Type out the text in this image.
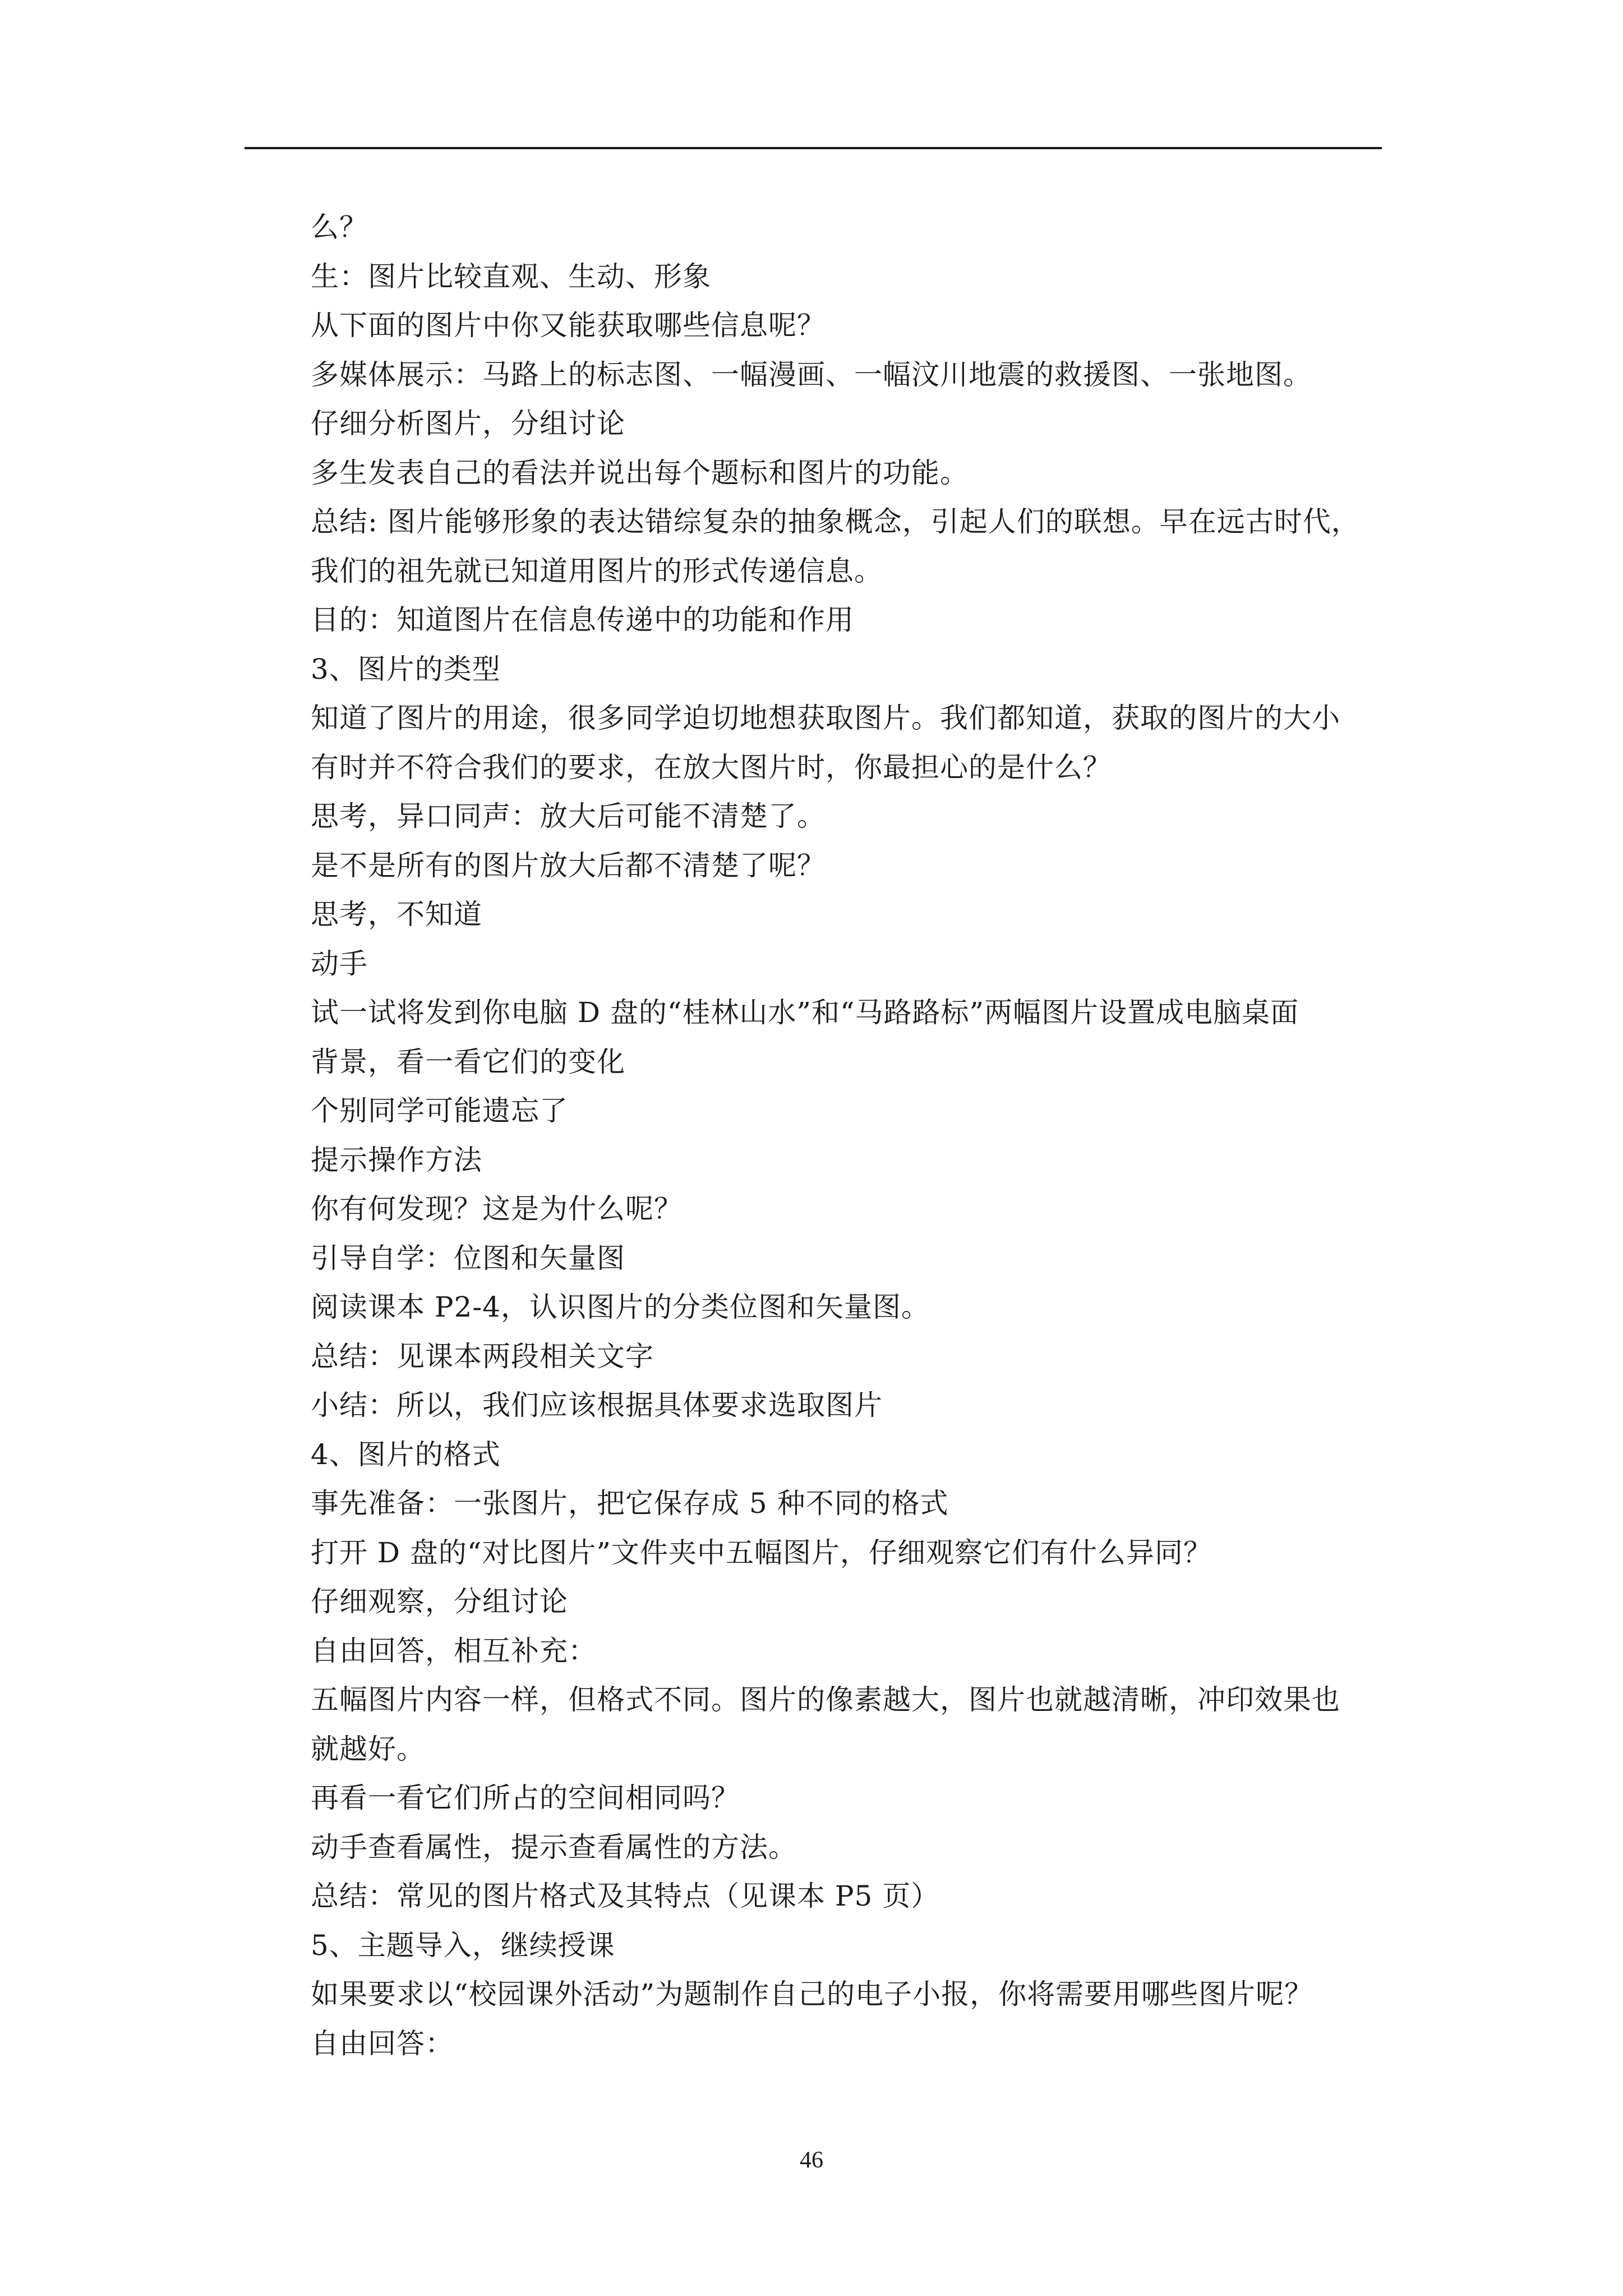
么？
生：图片比较直观、生动、形象
从下面的图片中你又能获取哪些信息呢？
多媒体展示：马路上的标志图、一幅漫画、一幅汶川地震的救援图、一张地图。
仔细分析图片，分组讨论
多生发表自己的看法并说出每个题标和图片的功能。
总结: 图片能够形象的表达错综复杂的抽象概念，引起人们的联想。早在远古时代，
我们的祖先就已知道用图片的形式传递信息。
目的：知道图片在信息传递中的功能和作用
3、图片的类型
知道了图片的用途，很多同学迫切地想获取图片。我们都知道，获取的图片的大小
有时并不符合我们的要求，在放大图片时，你最担心的是什么？
思考，异口同声：放大后可能不清楚了。
是不是所有的图片放大后都不清楚了呢？
思考，不知道
动手
试一试将发到你电脑 D 盘的“桂林山水”和“马路路标”两幅图片设置成电脑桌面
背景，看一看它们的变化
个别同学可能遗忘了
提示操作方法
你有何发现？这是为什么呢？
引导自学：位图和矢量图
阅读课本 P2-4，认识图片的分类位图和矢量图。
总结：见课本两段相关文字
小结：所以，我们应该根据具体要求选取图片
4、图片的格式
事先准备：一张图片，把它保存成 5 种不同的格式
打开 D 盘的“对比图片”文件夹中五幅图片，仔细观察它们有什么异同？
仔细观察，分组讨论
自由回答，相互补充：
五幅图片内容一样，但格式不同。图片的像素越大，图片也就越清晰，冲印效果也
就越好。
再看一看它们所占的空间相同吗？
动手查看属性，提示查看属性的方法。
总结：常见的图片格式及其特点（见课本 P5 页）
5、主题导入，继续授课
如果要求以“校园课外活动”为题制作自己的电子小报，你将需要用哪些图片呢？
自由回答：
46
